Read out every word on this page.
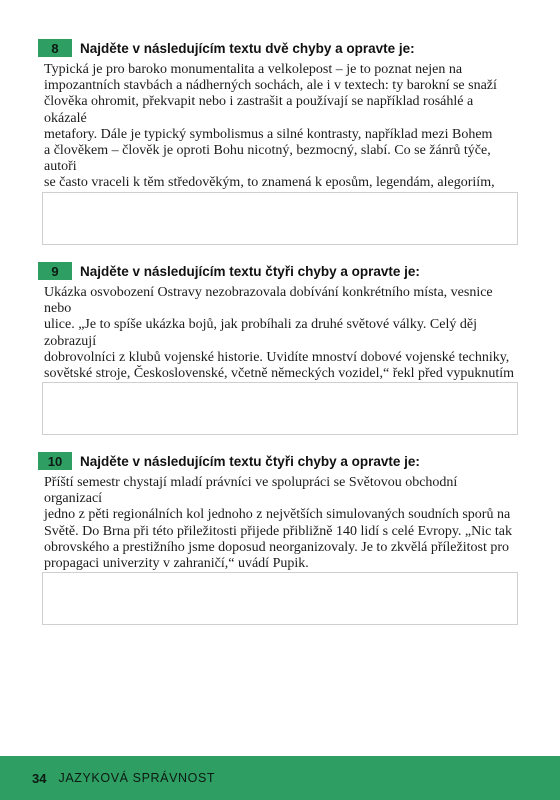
8	Najděte v následujícím textu dvě chyby a opravte je:

Typická je pro baroko monumentalita a velkolepost – je to poznat nejen na

impozantních stavbách a nádherných sochách, ale i v textech: ty barokní se snaží

člověka ohromit, překvapit nebo i zastrašit a používají se například rosáhlé a okázalé

metafory. Dále je typický symbolismus a silné kontrasty, například mezi Bohem

a člověkem – člověk je oproti Bohu nicotný, bezmocný, slabí. Co se žánrů týče, autoři

se často vraceli k těm středověkým, to znamená k eposům, legendám, alegoriím,

9	Najděte v následujícím textu čtyři chyby a opravte je:

Ukázka osvobození Ostravy nezobrazovala dobívání konkrétního místa, vesnice nebo

ulice. „Je to spíše ukázka bojů, jak probíhali za druhé světové války. Celý děj zobrazují

dobrovolníci z klubů vojenské historie. Uvidíte mnoství dobové vojenské techniky,

sovětské stroje, Československé, včetně německých vozidel,“ řekl před vypuknutím

10	Najděte v následujícím textu čtyři chyby a opravte je:

Příští semestr chystají mladí právníci ve spolupráci se Světovou obchodní organizací

jedno z pěti regionálních kol jednoho z největších simulovaných soudních sporů na

Světě. Do Brna při této přiležitosti přijede přibližně 140 lidí s celé Evropy. „Nic tak

obrovského a prestižního jsme doposud neorganizovaly. Je to zkvělá příležitost pro

propagaci univerzity v zahraničí,“ uvádí Pupik.

34 JAZYKOVÁ SPRÁVNOST
